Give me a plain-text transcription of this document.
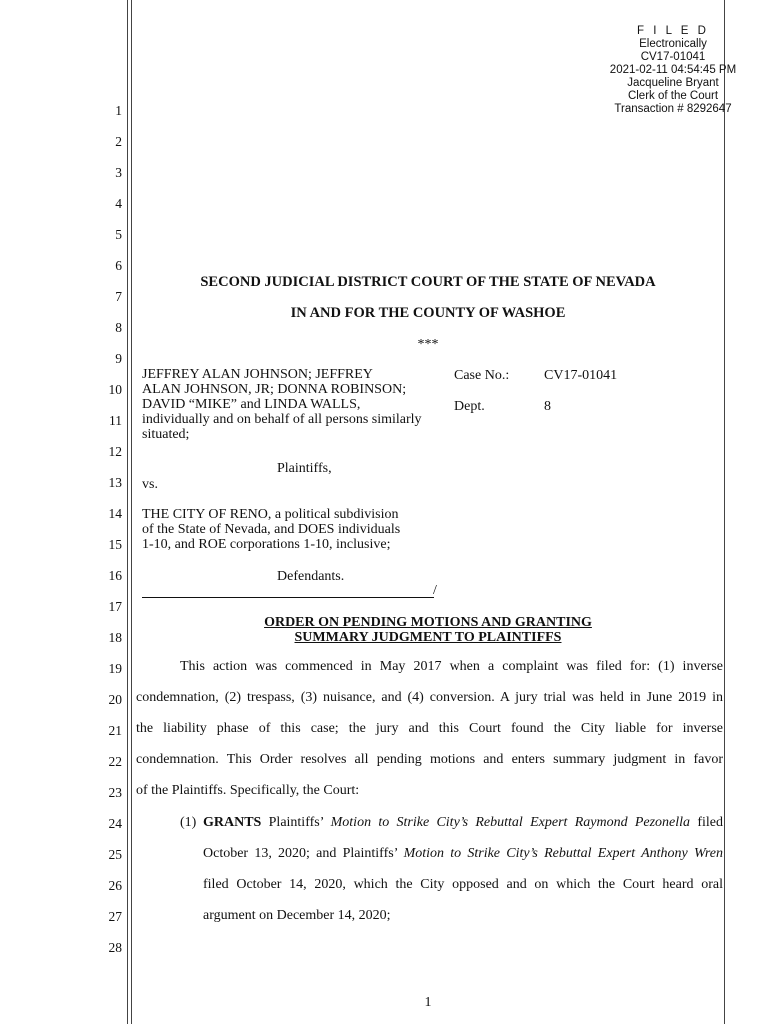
F I L E D
Electronically
CV17-01041
2021-02-11 04:54:45 PM
Jacqueline Bryant
Clerk of the Court
Transaction # 8292647
1
2
3
4
5
6
7
8
9
10
11
12
13
14
15
16
17
18
19
20
21
22
23
24
25
26
27
28
SECOND JUDICIAL DISTRICT COURT OF THE STATE OF NEVADA
IN AND FOR THE COUNTY OF WASHOE
***
JEFFREY ALAN JOHNSON; JEFFREY
ALAN JOHNSON, JR; DONNA ROBINSON;
DAVID “MIKE” and LINDA WALLS,
individually and on behalf of all persons similarly
situated;
Plaintiffs,
vs.
THE CITY OF RENO, a political subdivision
of the State of Nevada, and DOES individuals
1-10, and ROE corporations 1-10, inclusive;
Defendants.
/
Case No.: CV17-01041
Dept.	8
ORDER ON PENDING MOTIONS AND GRANTING
SUMMARY JUDGMENT TO PLAINTIFFS
This action was commenced in May 2017 when a complaint was filed for: (1) inverse
condemnation, (2) trespass, (3) nuisance, and (4) conversion. A jury trial was held in June 2019 in
the liability phase of this case; the jury and this Court found the City liable for inverse
condemnation. This Order resolves all pending motions and enters summary judgment in favor
of the Plaintiffs. Specifically, the Court:
(1) GRANTS Plaintiffs’ Motion to Strike City’s Rebuttal Expert Raymond Pezonella filed
October 13, 2020; and Plaintiffs’ Motion to Strike City’s Rebuttal Expert Anthony Wren
filed October 14, 2020, which the City opposed and on which the Court heard oral
argument on December 14, 2020;
1
